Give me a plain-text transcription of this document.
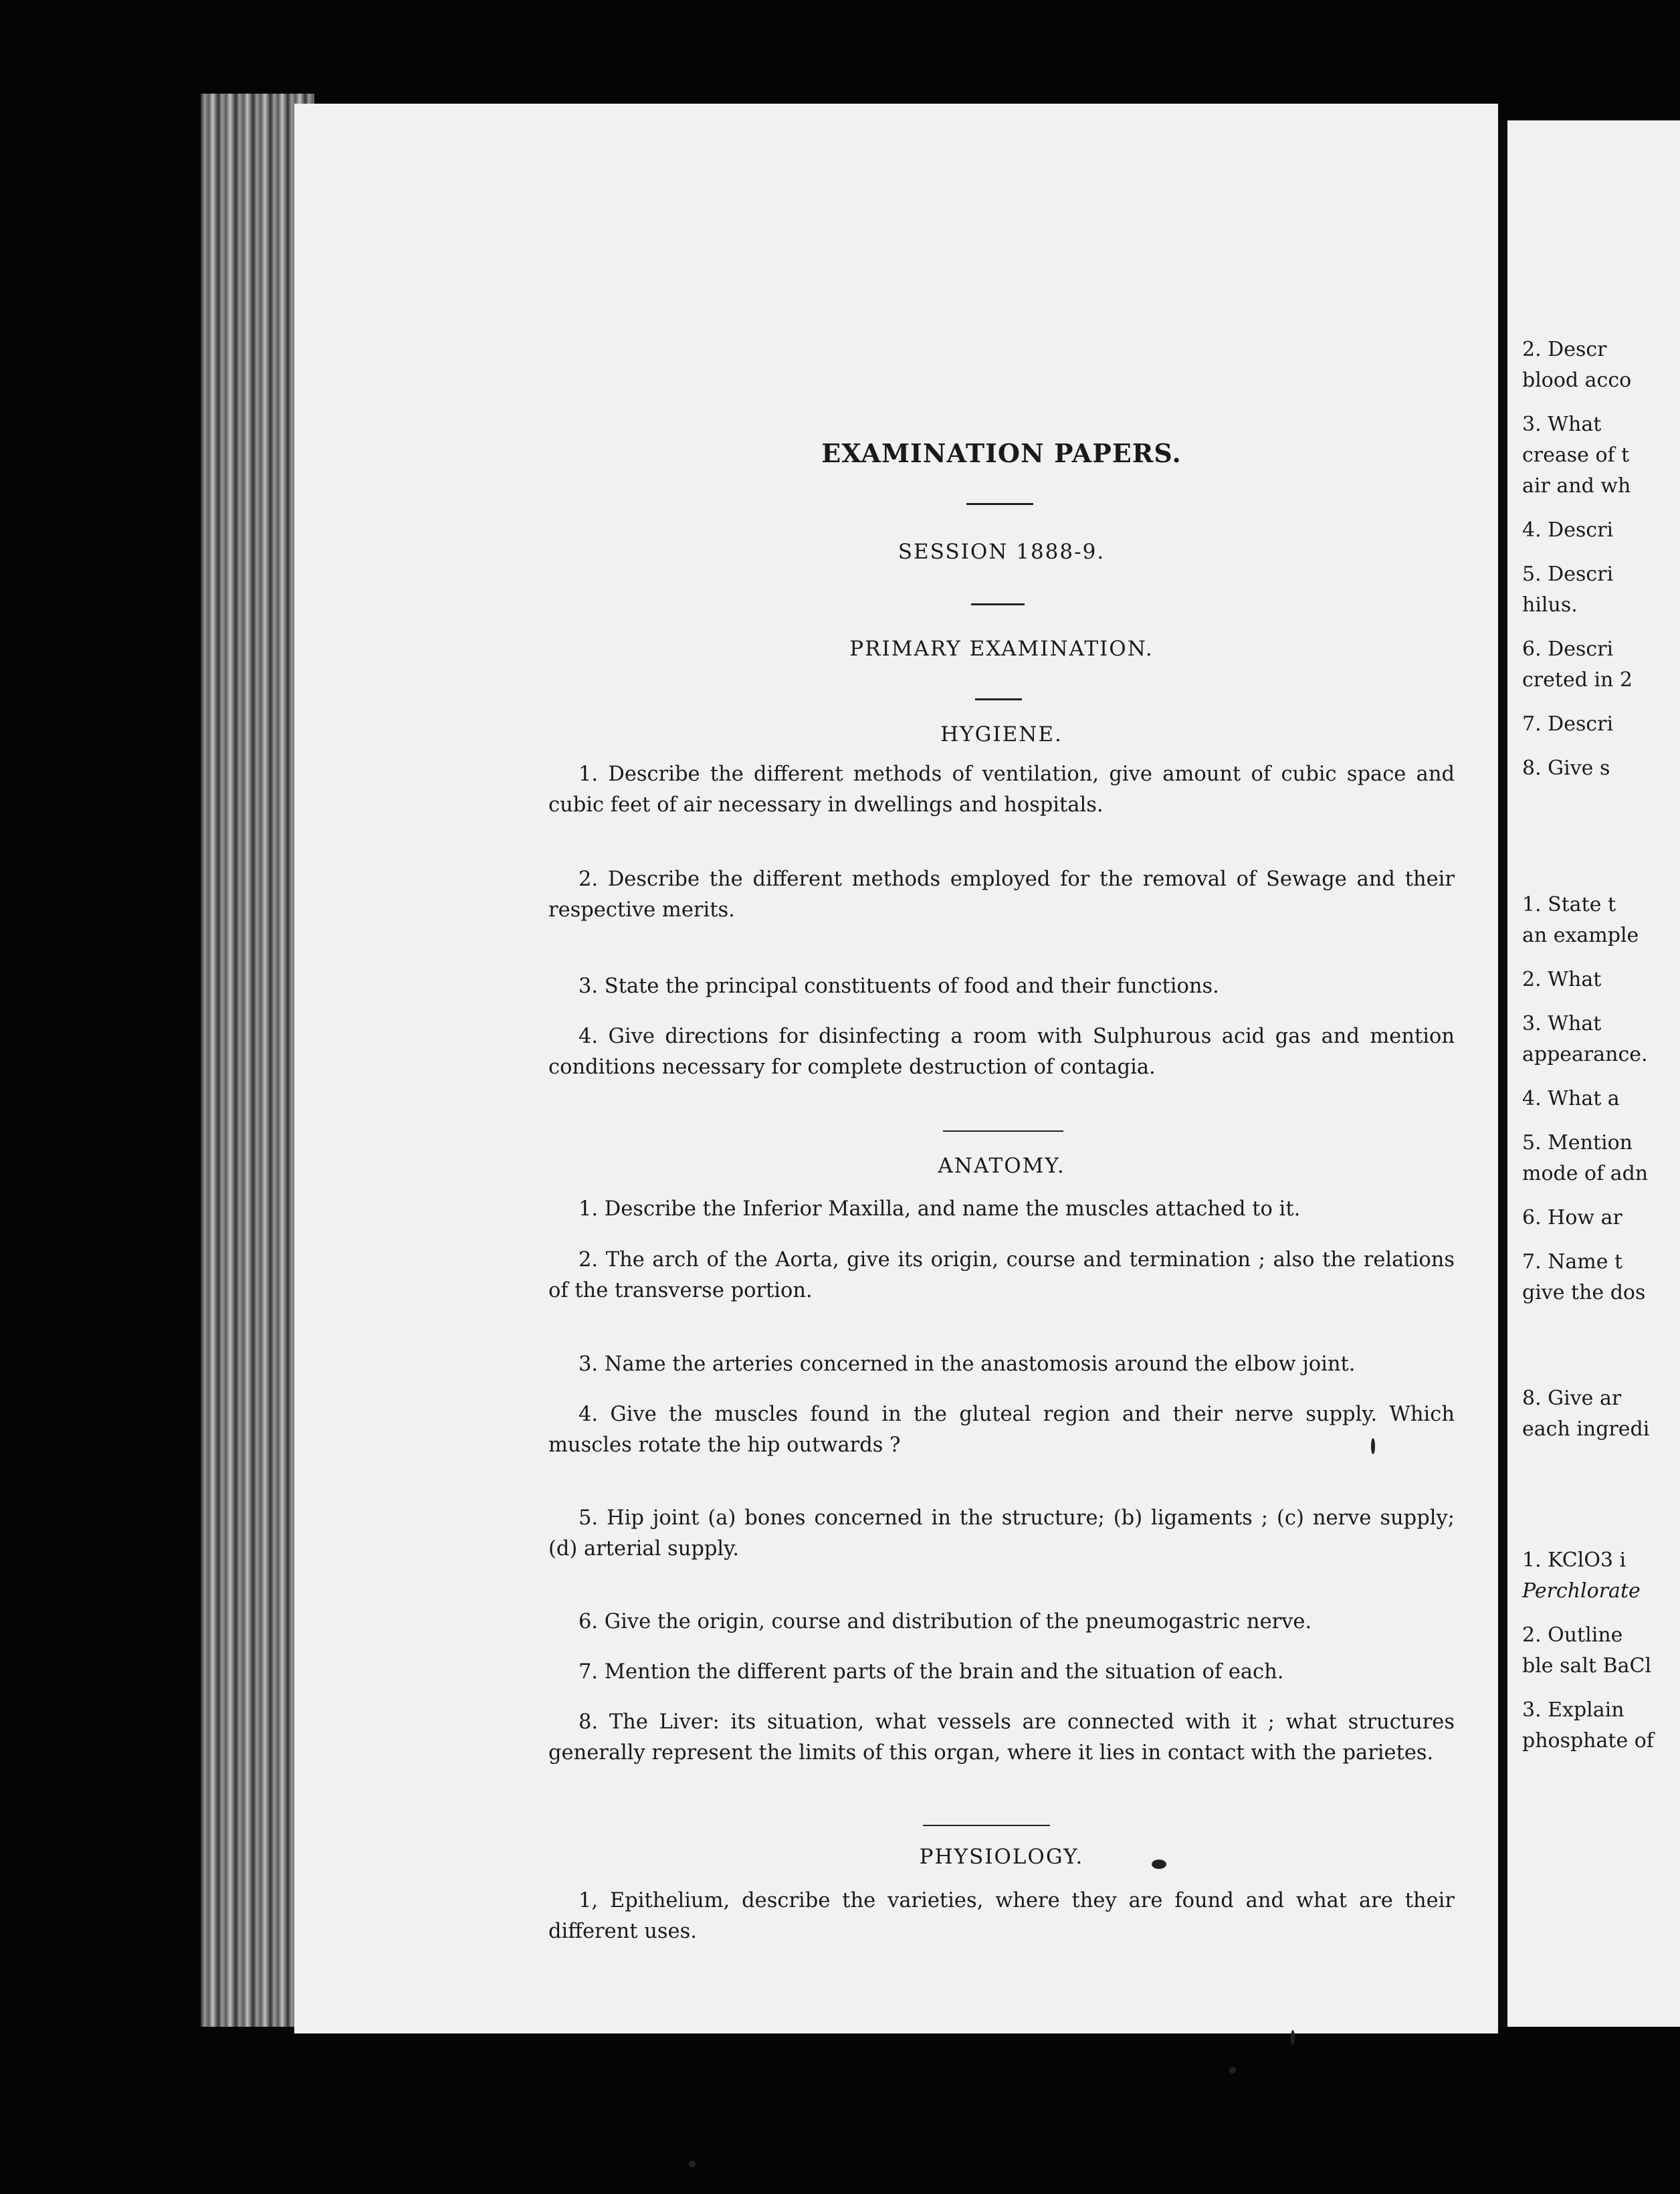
EXAMINATION PAPERS.
SESSION 1888-9.
PRIMARY EXAMINATION.
HYGIENE.
1. Describe the different methods of ventilation, give amount of cubic space and cubic feet of air necessary in dwellings and hospitals.
2. Describe the different methods employed for the removal of Sewage and their respective merits.
3. State the principal constituents of food and their functions.
4. Give directions for disinfecting a room with Sulphurous acid gas and mention conditions necessary for complete destruction of contagia.
ANATOMY.
1. Describe the Inferior Maxilla, and name the muscles attached to it.
2. The arch of the Aorta, give its origin, course and termination ; also the relations of the transverse portion.
3. Name the arteries concerned in the anastomosis around the elbow joint.
4. Give the muscles found in the gluteal region and their nerve supply. Which muscles rotate the hip outwards ?
5. Hip joint (a) bones concerned in the structure; (b) ligaments ; (c) nerve supply; (d) arterial supply.
6. Give the origin, course and distribution of the pneumogastric nerve.
7. Mention the different parts of the brain and the situation of each.
8. The Liver: its situation, what vessels are connected with it ; what structures generally represent the limits of this organ, where it lies in contact with the parietes.
PHYSIOLOGY.
1, Epithelium, describe the varieties, where they are found and what are their different uses.
2. Descr
blood acco
3. What
crease of t
air and wh
4. Descri
5. Descri
hilus.
6. Descri
creted in 2
7. Descri
8. Give s
1. State t
an example
2. What
3. What
appearance.
4. What a
5. Mention
mode of adn
6. How ar
7. Name t
give the dos
8. Give ar
each ingredi
1. KClO3 i
Perchlorate
2. Outline
ble salt BaCl
3. Explain
phosphate of
